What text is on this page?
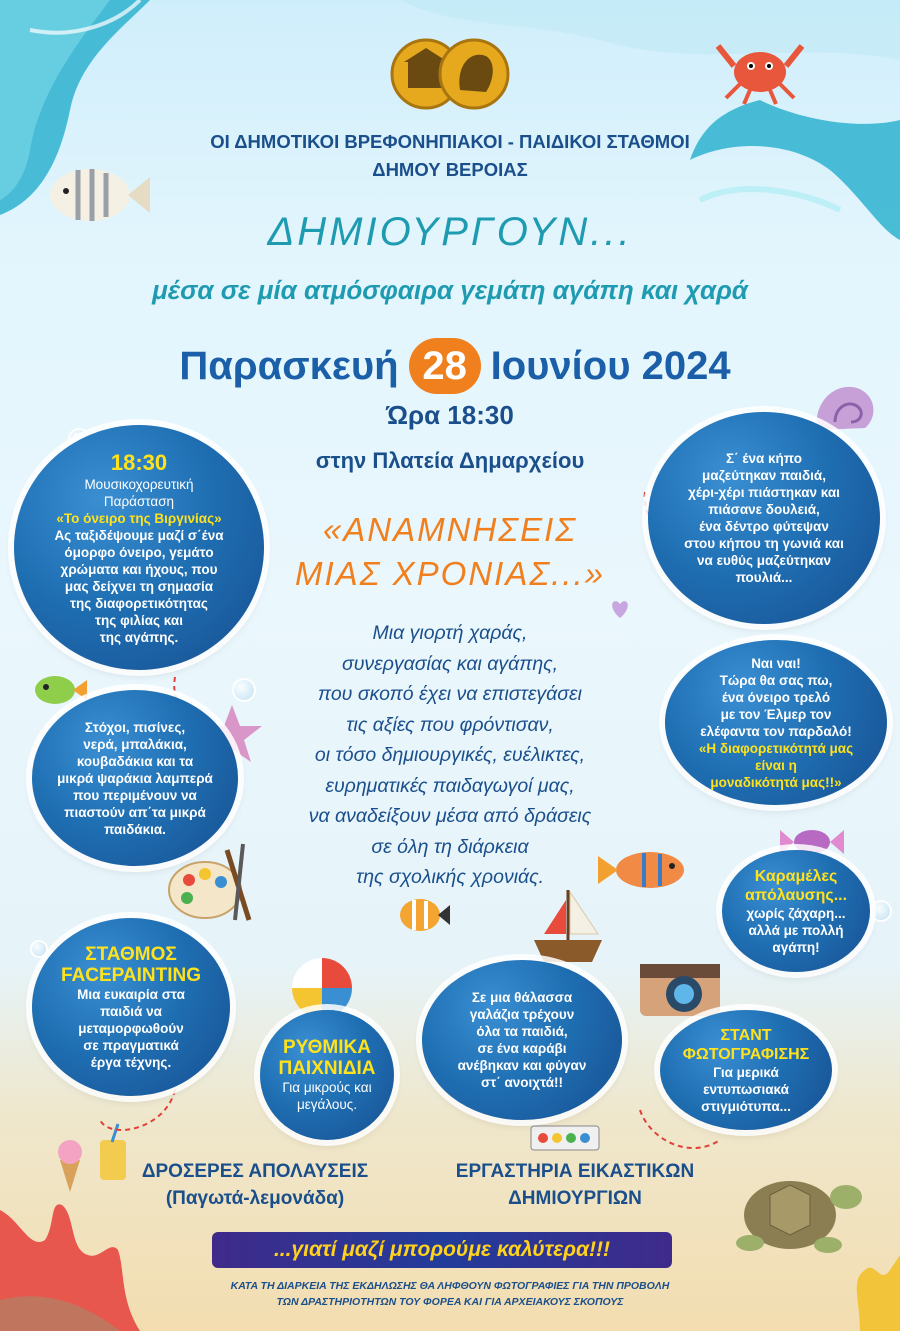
ΟΙ ΔΗΜΟΤΙΚΟΙ ΒΡΕΦΟΝΗΠΙΑΚΟΙ - ΠΑΙΔΙΚΟΙ ΣΤΑΘΜΟΙ
ΔΗΜΟΥ ΒΕΡΟΙΑΣ
ΔΗΜΙΟΥΡΓΟΥΝ...
μέσα σε μία ατμόσφαιρα γεμάτη αγάπη και χαρά
Παρασκευή 28 Ιουνίου 2024
Ώρα 18:30
στην Πλατεία Δημαρχείου
«ΑΝΑΜΝΗΣΕΙΣ
ΜΙΑΣ ΧΡΟΝΙΑΣ...»
Μια γιορτή χαράς,
συνεργασίας και αγάπης,
που σκοπό έχει να επιστεγάσει
τις αξίες που φρόντισαν,
οι τόσο δημιουργικές, ευέλικτες,
ευρηματικές παιδαγωγοί μας,
να αναδείξουν μέσα από δράσεις
σε όλη τη διάρκεια
της σχολικής χρονιάς.
18:30
Μουσικοχορευτική
Παράσταση
«Το όνειρο της Βιργινίας»
Ας ταξιδέψουμε μαζί σ΄ένα
όμορφο όνειρο, γεμάτο
χρώματα και ήχους, που
μας δείχνει τη σημασία
της διαφορετικότητας
της φιλίας και
της αγάπης.
Σ΄ ένα κήπο
μαζεύτηκαν παιδιά,
χέρι-χέρι πιάστηκαν και
πιάσανε δουλειά,
ένα δέντρο φύτεψαν
στου κήπου τη γωνιά και
να ευθύς μαζεύτηκαν
πουλιά...
Στόχοι, πισίνες,
νερά, μπαλάκια,
κουβαδάκια και τα
μικρά ψαράκια λαμπερά
που περιμένουν να
πιαστούν απ΄τα μικρά
παιδάκια.
Ναι ναι!
Τώρα θα σας πω,
ένα όνειρο τρελό
με τον Έλμερ τον
ελέφαντα τον παρδαλό!
«Η διαφορετικότητά μας
είναι η
μοναδικότητά μας!!»
Καραμέλες
απόλαυσης...
χωρίς ζάχαρη...
αλλά με πολλή
αγάπη!
ΣΤΑΘΜΟΣ
FACEPAINTING
Μια ευκαιρία στα
παιδιά να
μεταμορφωθούν
σε πραγματικά
έργα τέχνης.
ΡΥΘΜΙΚΑ
ΠΑΙΧΝΙΔΙΑ
Για μικρούς και
μεγάλους.
Σε μια θάλασσα
γαλάζια τρέχουν
όλα τα παιδιά,
σε ένα καράβι
ανέβηκαν και φύγαν
στ΄ ανοιχτά!!
ΣΤΑΝΤ
ΦΩΤΟΓΡΑΦΙΣΗΣ
Για μερικά
εντυπωσιακά
στιγμιότυπα...
ΔΡΟΣΕΡΕΣ ΑΠΟΛΑΥΣΕΙΣ
(Παγωτά-λεμονάδα)
ΕΡΓΑΣΤΗΡΙΑ ΕΙΚΑΣΤΙΚΩΝ
ΔΗΜΙΟΥΡΓΙΩΝ
...γιατί μαζί μπορούμε καλύτερα!!!
ΚΑΤΑ ΤΗ ΔΙΑΡΚΕΙΑ ΤΗΣ ΕΚΔΗΛΩΣΗΣ ΘΑ ΛΗΦΘΟΥΝ ΦΩΤΟΓΡΑΦΙΕΣ ΓΙΑ ΤΗΝ ΠΡΟΒΟΛΗ
ΤΩΝ ΔΡΑΣΤΗΡΙΟΤΗΤΩΝ ΤΟΥ ΦΟΡΕΑ ΚΑΙ ΓΙΑ ΑΡΧΕΙΑΚΟΥΣ ΣΚΟΠΟΥΣ
